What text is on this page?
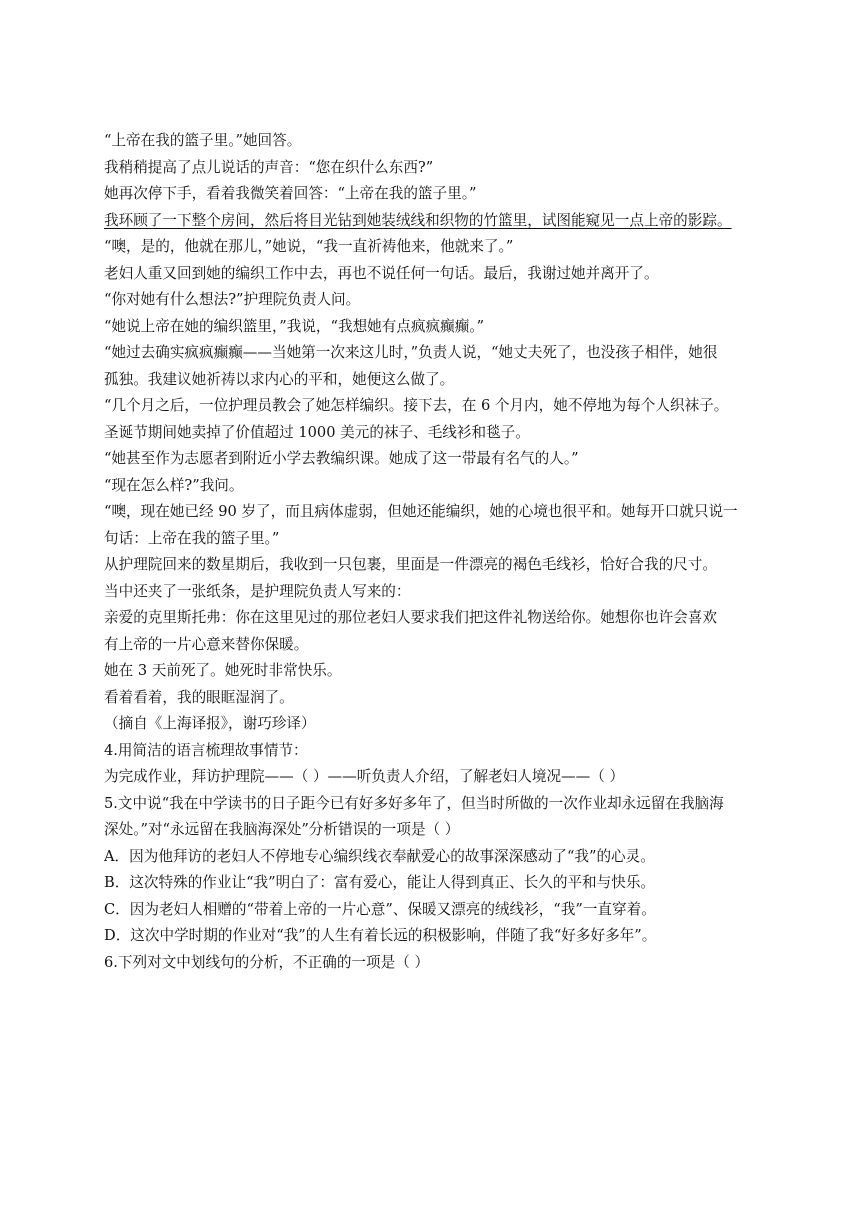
“上帝在我的篮子里。”她回答。
我稍稍提高了点儿说话的声音：“您在织什么东西?”
她再次停下手，看着我微笑着回答：“上帝在我的篮子里。”
我环顾了一下整个房间，然后将目光钻到她装绒线和织物的竹篮里，试图能窥见一点上帝的影踪。
“噢，是的，他就在那儿，”她说，“我一直祈祷他来，他就来了。”
老妇人重又回到她的编织工作中去，再也不说任何一句话。最后，我谢过她并离开了。
“你对她有什么想法?”护理院负责人问。
“她说上帝在她的编织篮里，”我说，“我想她有点疯疯癫癫。”
“她过去确实疯疯癫癫——当她第一次来这儿时，”负责人说，“她丈夫死了，也没孩子相伴，她很
孤独。我建议她祈祷以求内心的平和，她便这么做了。
“几个月之后，一位护理员教会了她怎样编织。接下去，在 6 个月内，她不停地为每个人织袜子。
圣诞节期间她卖掉了价值超过 1000 美元的袜子、毛线衫和毯子。
“她甚至作为志愿者到附近小学去教编织课。她成了这一带最有名气的人。”
“现在怎么样?”我问。
“噢，现在她已经 90 岁了，而且病体虚弱，但她还能编织，她的心境也很平和。她每开口就只说一
句话：上帝在我的篮子里。”
从护理院回来的数星期后，我收到一只包裹，里面是一件漂亮的褐色毛线衫，恰好合我的尺寸。
当中还夹了一张纸条，是护理院负责人写来的：
亲爱的克里斯托弗：你在这里见过的那位老妇人要求我们把这件礼物送给你。她想你也许会喜欢
有上帝的一片心意来替你保暖。
她在 3 天前死了。她死时非常快乐。
看着看着，我的眼眶湿润了。
（摘自《上海译报》，谢巧珍译）
4.用简洁的语言梳理故事情节：
为完成作业，拜访护理院——（ ）——听负责人介绍，了解老妇人境况——（ ）
5.文中说“我在中学读书的日子距今已有好多好多年了，但当时所做的一次作业却永远留在我脑海
深处。”对“永远留在我脑海深处”分析错误的一项是（ ）
A．因为他拜访的老妇人不停地专心编织线衣奉献爱心的故事深深感动了“我”的心灵。
B．这次特殊的作业让“我”明白了：富有爱心，能让人得到真正、长久的平和与快乐。
C．因为老妇人相赠的“带着上帝的一片心意”、保暖又漂亮的绒线衫，“我”一直穿着。
D．这次中学时期的作业对“我”的人生有着长远的积极影响，伴随了我“好多好多年”。
6.下列对文中划线句的分析，不正确的一项是（ ）
